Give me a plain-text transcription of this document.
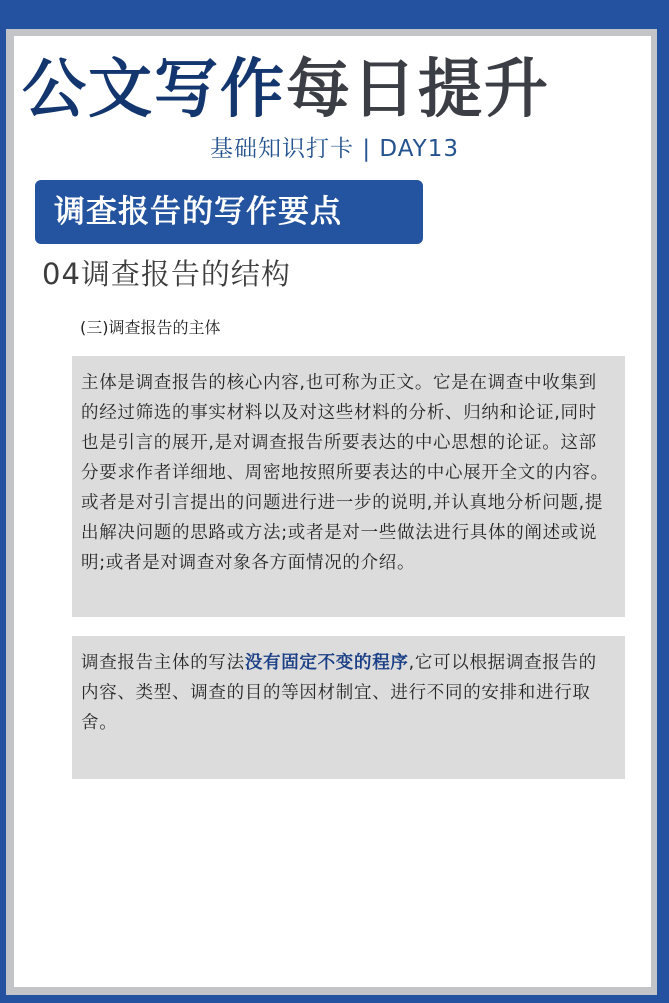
公文写作每日提升
基础知识打卡 | DAY13
调查报告的写作要点
04调查报告的结构
(三)调查报告的主体
主体是调查报告的核心内容,也可称为正文。它是在调查中收集到的经过筛选的事实材料以及对这些材料的分析、归纳和论证,同时也是引言的展开,是对调查报告所要表达的中心思想的论证。这部分要求作者详细地、周密地按照所要表达的中心展开全文的内容。或者是对引言提出的问题进行进一步的说明,并认真地分析问题,提出解决问题的思路或方法;或者是对一些做法进行具体的阐述或说明;或者是对调查对象各方面情况的介绍。
调查报告主体的写法没有固定不变的程序,它可以根据调查报告的内容、类型、调查的目的等因材制宜、进行不同的安排和进行取舍。
